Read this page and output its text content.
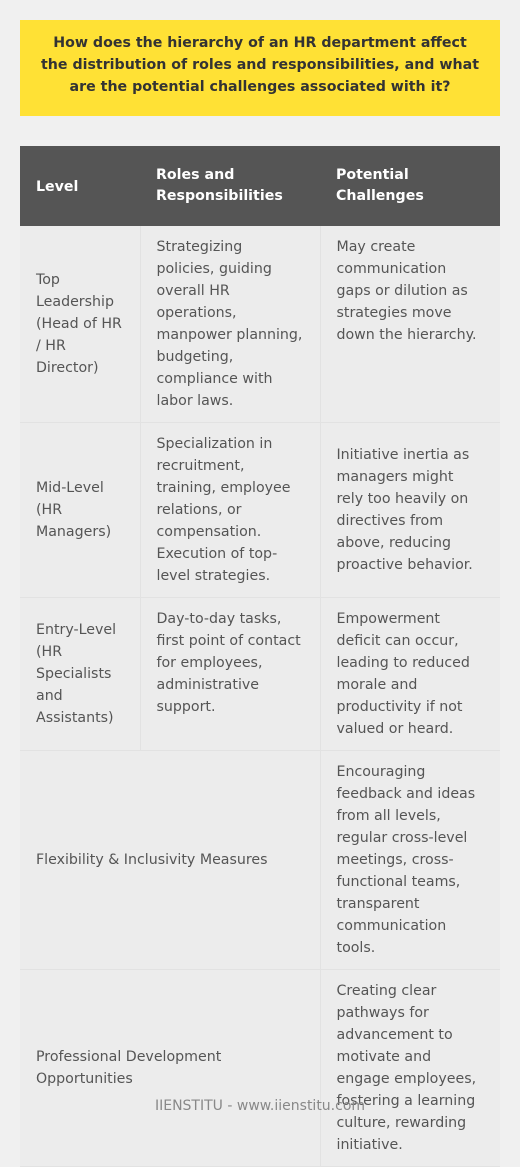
How does the hierarchy of an HR department affect the distribution of roles and responsibilities, and what are the potential challenges associated with it?
Level	Roles and Responsibilities	Potential Challenges
Top Leadership (Head of HR / HR Director)	Strategizing policies, guiding overall HR operations, manpower planning, budgeting, compliance with labor laws.	May create communication gaps or dilution as strategies move down the hierarchy.
Mid-Level (HR Managers)	Specialization in recruitment, training, employee relations, or compensation. Execution of top-level strategies.	Initiative inertia as managers might rely too heavily on directives from above, reducing proactive behavior.
Entry-Level (HR Specialists and Assistants)	Day-to-day tasks, first point of contact for employees, administrative support.	Empowerment deficit can occur, leading to reduced morale and productivity if not valued or heard.
Flexibility & Inclusivity Measures		Encouraging feedback and ideas from all levels, regular cross-level meetings, cross-functional teams, transparent communication tools.
Professional Development Opportunities		Creating clear pathways for advancement to motivate and engage employees, fostering a learning culture, rewarding initiative.
IIENSTITU - www.iienstitu.com
